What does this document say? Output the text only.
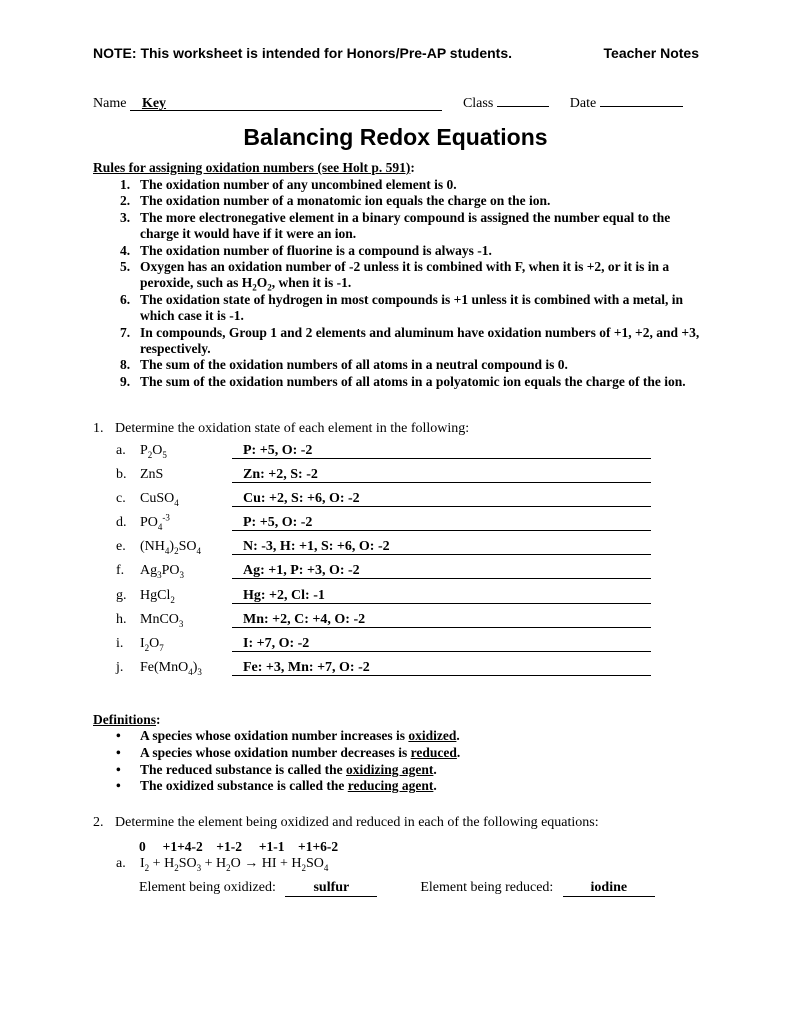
NOTE: This worksheet is intended for Honors/Pre-AP students.	Teacher Notes
Name Key	Class	Date
Balancing Redox Equations
Rules for assigning oxidation numbers (see Holt p. 591):
1. The oxidation number of any uncombined element is 0.
2. The oxidation number of a monatomic ion equals the charge on the ion.
3. The more electronegative element in a binary compound is assigned the number equal to the charge it would have if it were an ion.
4. The oxidation number of fluorine is a compound is always -1.
5. Oxygen has an oxidation number of -2 unless it is combined with F, when it is +2, or it is in a peroxide, such as $H_2O_2$, when it is -1.
6. The oxidation state of hydrogen in most compounds is +1 unless it is combined with a metal, in which case it is -1.
7. In compounds, Group 1 and 2 elements and aluminum have oxidation numbers of +1, +2, and +3, respectively.
8. The sum of the oxidation numbers of all atoms in a neutral compound is 0.
9. The sum of the oxidation numbers of all atoms in a polyatomic ion equals the charge of the ion.
1. Determine the oxidation state of each element in the following:
a. $P_2O_5$	P: +5, O: -2
b. ZnS	Zn: +2, S: -2
c. CuSO$_4$	Cu: +2, S: +6, O: -2
d. $PO_4^{-3}$	P: +5, O: -2
e. $(NH_4)_2SO_4$	N: -3, H: +1, S: +6, O: -2
f. $Ag_3PO_3$	Ag: +1, P: +3, O: -2
g. HgCl$_2$	Hg: +2, Cl: -1
h. MnCO$_3$	Mn: +2, C: +4, O: -2
i. $I_2O_7$	I: +7, O: -2
j. $Fe(MnO_4)_3$	Fe: +3, Mn: +7, O: -2
Definitions:
•	A species whose oxidation number increases is oxidized.
•	A species whose oxidation number decreases is reduced.
•	The reduced substance is called the oxidizing agent.
•	The oxidized substance is called the reducing agent.
2. Determine the element being oxidized and reduced in each of the following equations:
0     +1+4-2    +1-2     +1-1    +1+6-2
a. $I_2 + H_2SO_3 + H_2O$ → HI + $H_2SO_4$
Element being oxidized:	sulfur	Element being reduced:	iodine
